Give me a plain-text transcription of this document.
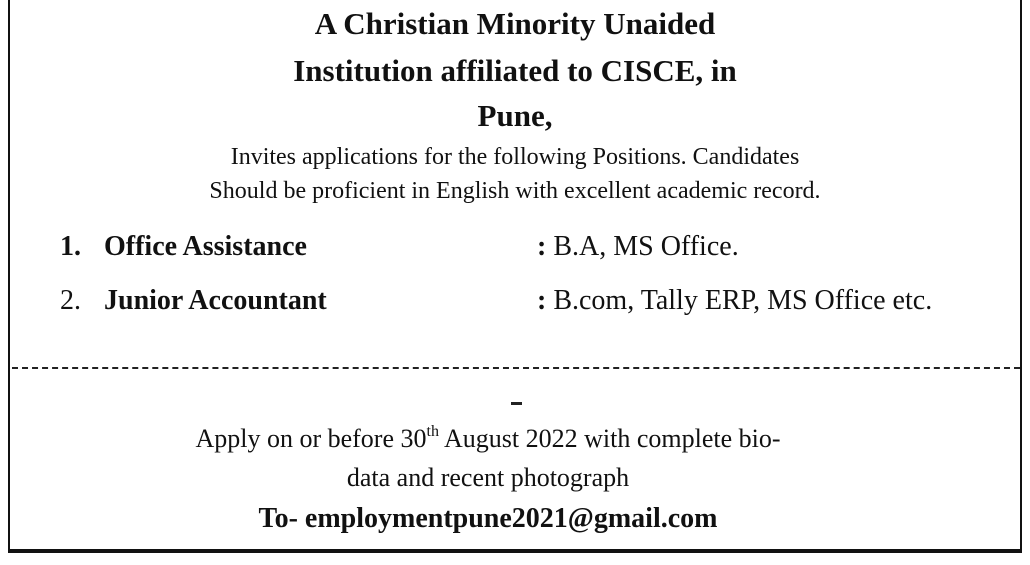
A Christian Minority Unaided
Institution affiliated to CISCE, in
Pune,
Invites applications for the following Positions. Candidates
Should be proficient in English with excellent academic record.
1. Office Assistance	: B.A, MS Office.
2. Junior Accountant	: B.com, Tally ERP, MS Office etc.
Apply on or before 30th August 2022 with complete bio-
data and recent photograph
To- employmentpune2021@gmail.com
